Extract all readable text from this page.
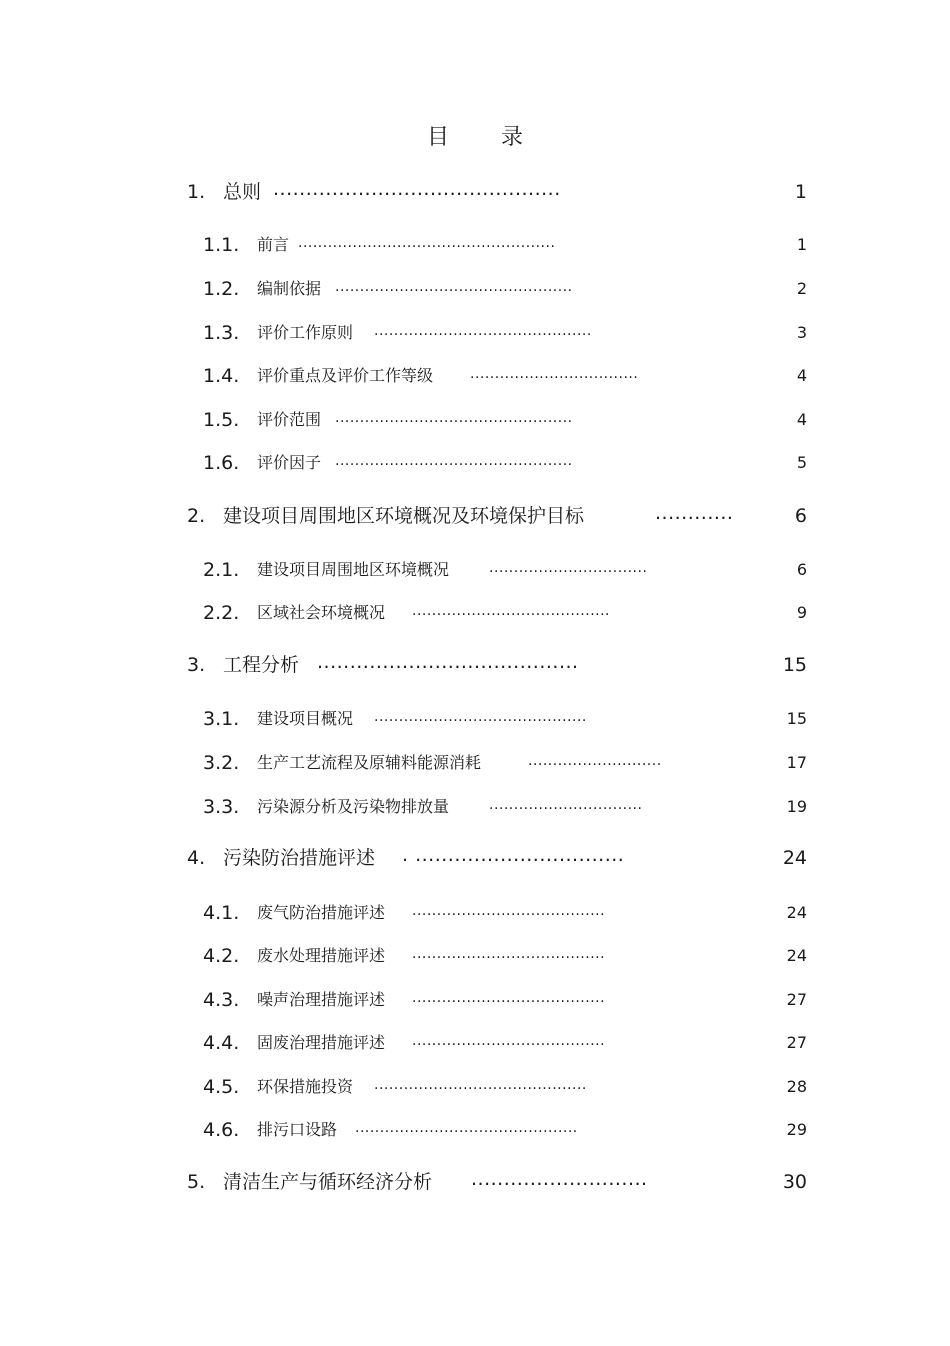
目 录
1. 总则 ............................................	1
1.1. 前言 ....................................................	1
1.2. 编制依据 ................................................	2
1.3. 评价工作原则 ............................................	3
1.4. 评价重点及评价工作等级	..................................	4
1.5. 评价范围 ................................................	4
1.6. 评价因子 ................................................	5
2. 建设项目周围地区环境概况及环境保护目标	............	6
2.1. 建设项目周围地区环境概况	................................	6
2.2. 区域社会环境概况 ........................................	9
3. 工程分析 ........................................	15
3.1. 建设项目概况 ...........................................	15
3.2. 生产工艺流程及原辅料能源消耗	...........................	17
3.3. 污染源分析及污染物排放量	...............................	19
4. 污染防治措施评述 . ................................	24
4.1. 废气防治措施评述 .......................................	24
4.2. 废水处理措施评述 .......................................	24
4.3. 噪声治理措施评述 .......................................	27
4.4. 固废治理措施评述 .......................................	27
4.5. 环保措施投资 ...........................................	28
4.6. 排污口设路 .............................................	29
5. 清洁生产与循环经济分析 ...........................	30
